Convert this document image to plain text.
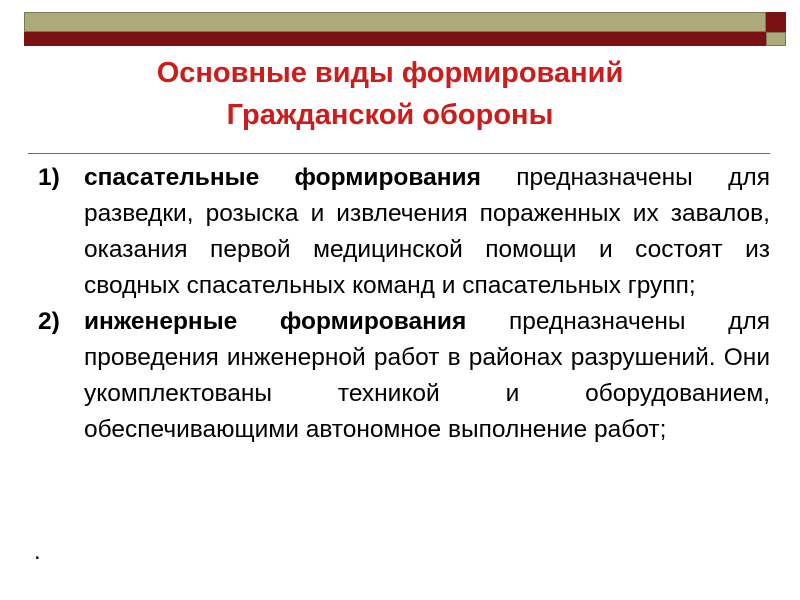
Основные виды формирований
Гражданской обороны

1) спасательные формирования предназначены для разведки, розыска и извлечения пораженных их завалов, оказания первой медицинской помощи и состоят из сводных спасательных команд и спасательных групп;

2) инженерные формирования предназначены для проведения инженерной работ в районах разрушений. Они укомплектованы техникой и оборудованием, обеспечивающими автономное выполнение работ;

.
